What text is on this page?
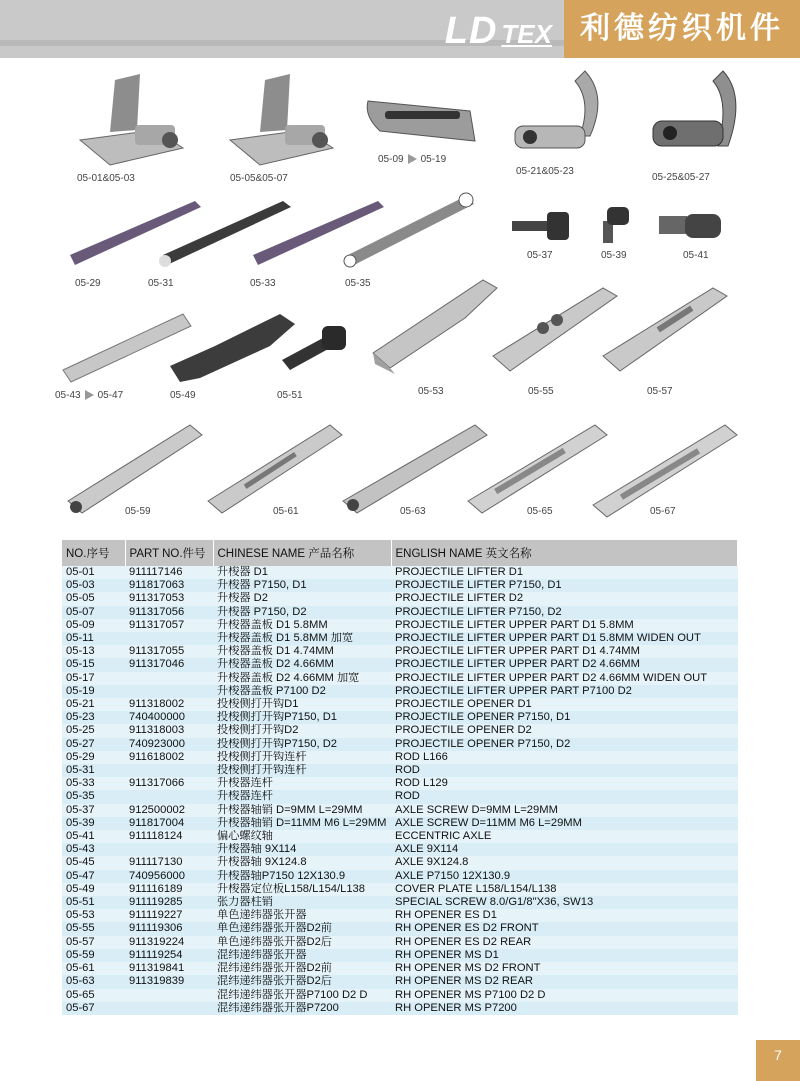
LD TEX 利德纺织机件
05-01&05-03	05-05&05-07
05-09 05-19
05-21&05-23
05-25&05-27
05-29	05-31	05-33	05-35
05-37	05-39	05-41
05-43 05-47	05-49	05-51	05-53	05-55	05-57
05-59	05-61	05-63	05-65	05-67
NO.序号	PART NO.件号	CHINESE NAME 产品名称	ENGLISH NAME 英文名称
05-01	911117146	升梭器 D1	PROJECTILE LIFTER D1
05-03	911817063	升梭器 P7150, D1	PROJECTILE LIFTER P7150, D1
05-05	911317053	升梭器 D2	PROJECTILE LIFTER D2
05-07	911317056	升梭器 P7150, D2	PROJECTILE LIFTER P7150, D2
05-09	911317057	升梭器盖板 D1 5.8MM	PROJECTILE LIFTER UPPER PART D1 5.8MM
05-11		升梭器盖板 D1 5.8MM 加宽	PROJECTILE LIFTER UPPER PART D1 5.8MM WIDEN OUT
05-13	911317055	升梭器盖板 D1 4.74MM	PROJECTILE LIFTER UPPER PART D1 4.74MM
05-15	911317046	升梭器盖板 D2 4.66MM	PROJECTILE LIFTER UPPER PART D2 4.66MM
05-17		升梭器盖板 D2 4.66MM 加宽	PROJECTILE LIFTER UPPER PART D2 4.66MM WIDEN OUT
05-19		升梭器盖板 P7100 D2	PROJECTILE LIFTER UPPER PART P7100 D2
05-21	911318002	投梭侧打开钩D1	PROJECTILE OPENER D1
05-23	740400000	投梭侧打开钩P7150, D1	PROJECTILE OPENER P7150, D1
05-25	911318003	投梭侧打开钩D2	PROJECTILE OPENER D2
05-27	740923000	投梭侧打开钩P7150, D2	PROJECTILE OPENER P7150, D2
05-29	911618002	投梭侧打开钩连杆	ROD L166
05-31		投梭侧打开钩连杆	ROD
05-33	911317066	升梭器连杆	ROD L129
05-35		升梭器连杆	ROD
05-37	912500002	升梭器轴销 D=9MM L=29MM	AXLE SCREW D=9MM L=29MM
05-39	911817004	升梭器轴销 D=11MM M6 L=29MM	AXLE SCREW D=11MM M6 L=29MM
05-41	911118124	偏心螺纹轴	ECCENTRIC AXLE
05-43		升梭器轴 9X114	AXLE 9X114
05-45	911117130	升梭器轴 9X124.8	AXLE 9X124.8
05-47	740956000	升梭器轴P7150 12X130.9	AXLE P7150 12X130.9
05-49	911116189	升梭器定位板L158/L154/L138	COVER PLATE L158/L154/L138
05-51	911119285	张力器柱销	SPECIAL SCREW 8.0/G1/8"X36, SW13
05-53	911119227	单色递纬器张开器	RH OPENER ES D1
05-55	911119306	单色递纬器张开器D2前	RH OPENER ES D2 FRONT
05-57	911319224	单色递纬器张开器D2后	RH OPENER ES D2 REAR
05-59	911119254	混纬递纬器张开器	RH OPENER MS D1
05-61	911319841	混纬递纬器张开器D2前	RH OPENER MS D2 FRONT
05-63	911319839	混纬递纬器张开器D2后	RH OPENER MS D2 REAR
05-65		混纬递纬器张开器P7100 D2 D	RH OPENER MS P7100 D2 D
05-67		混纬递纬器张开器P7200	RH OPENER MS P7200
7
